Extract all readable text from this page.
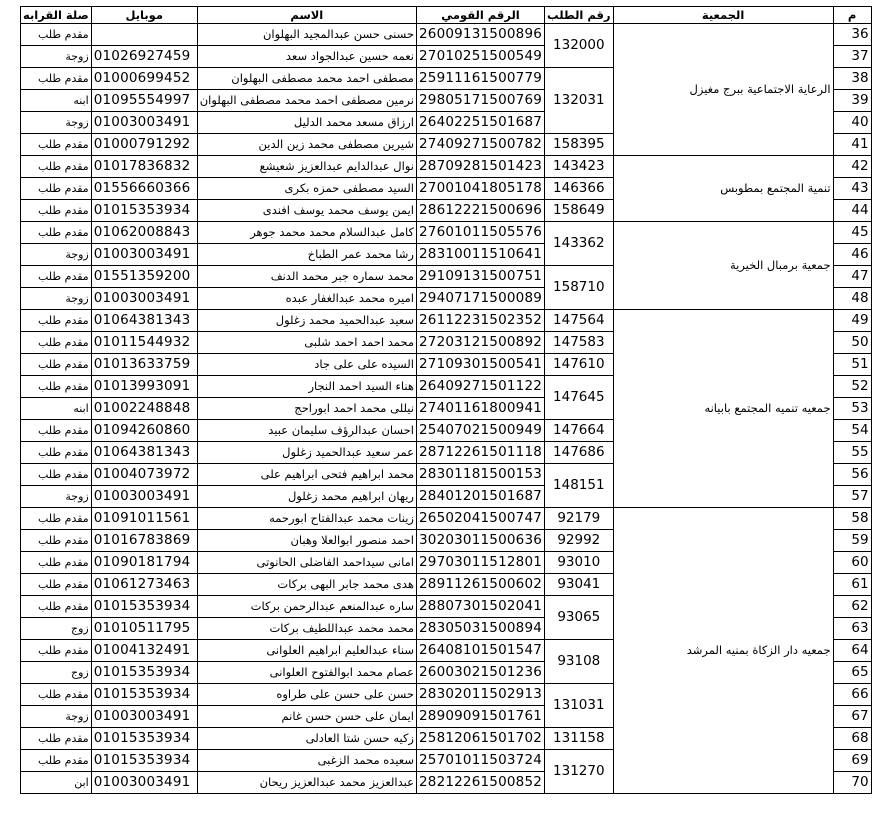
صلة القرابه	موبايل	الاسم	الرقم القومي	رقم الطلب	الجمعية	م
مقدم طلب		حسنى حسن عبدالمجيد البهلوان	26009131500896	132000	الرعاية الاجتماعية ببرج مغيزل	36
زوجة	01026927459	نعمه حسين عبدالجواد سعد	27010251500549			37
مقدم طلب	01000699452	مصطفى احمد محمد مصطفى البهلوان	25911161500779	132031		38
ابنه	01095554997	نرمين مصطفى احمد محمد مصطفى البهلوان	29805171500769			39
زوجة	01003003491	ارزاق مسعد محمد الدليل	26402251501687			40
مقدم طلب	01000791292	شيرين مصطفى محمد زين الدين	27409271500782	158395		41
مقدم طلب	01017836832	نوال عبدالدايم عبدالعزيز شعيشع	28709281501423	143423	تنمية المجتمع بمطوبس	42
مقدم طلب	01556660366	السيد مصطفى حمزه بكرى	27001041805178	146366		43
مقدم طلب	01015353934	ايمن يوسف محمد يوسف افندى	28612221500696	158649		44
مقدم طلب	01062008843	كامل عبدالسلام محمد محمد جوهر	27601011505576	143362	جمعية برمبال الخيرية	45
زوجة	01003003491	رشا محمد عمر الطباخ	28310011510641			46
مقدم طلب	01551359200	محمد سماره جبر محمد الدنف	29109131500751	158710		47
زوجة	01003003491	اميره محمد عبدالغفار عبده	29407171500089			48
مقدم طلب	01064381343	سعيد عبدالحميد محمد زغلول	26112231502352	147564	جمعيه تنميه المجتمع بابيانه	49
مقدم طلب	01011544932	محمد احمد احمد شلبى	27203121500892	147583		50
مقدم طلب	01013633759	السيده على على جاد	27109301500541	147610		51
مقدم طلب	01013993091	هناء السيد احمد النجار	26409271501122	147645		52
ابنه	01002248848	نيللى محمد احمد ابوراحج	27401161800941			53
مقدم طلب	01094260860	احسان عبدالرؤف سليمان عبيد	25407021500949	147664		54
مقدم طلب	01064381343	عمر سعيد عبدالحميد زغلول	28712261501118	147686		55
مقدم طلب	01004073972	محمد ابراهيم فتحى ابراهيم على	28301181500153	148151		56
زوجة	01003003491	ريهان ابراهيم محمد زغلول	28401201501687			57
مقدم طلب	01091011561	زينات محمد عبدالفتاح ابورحمه	26502041500747	92179	جمعيه دار الزكاة بمنيه المرشد	58
مقدم طلب	01016783869	احمد منصور ابوالعلا وهبان	30203011500636	92992		59
مقدم طلب	01090181794	امانى سيداحمد الفاضلى الحانوتى	29703011512801	93010		60
مقدم طلب	01061273463	هدى محمد جابر البهى بركات	28911261500602	93041		61
مقدم طلب	01015353934	ساره عبدالمنعم عبدالرحمن بركات	28807301502041	93065		62
زوج	01010511795	محمد محمد عبداللطيف بركات	28305031500894			63
مقدم طلب	01004132491	سناء عبدالعليم ابراهيم العلوانى	26408101501547	93108		64
زوج	01015353934	عصام محمد ابوالفتوح العلوانى	26003021501236			65
مقدم طلب	01015353934	حسن على حسن على طراوه	28302011502913	131031		66
زوجة	01003003491	ايمان على حسن حسن غانم	28909091501761			67
مقدم طلب	01015353934	زكيه حسن شتا العادلى	25812061501702	131158		68
مقدم طلب	01015353934	سعيده محمد الزغبى	25701011503724	131270		69
ابن	01003003491	عبدالعزيز محمد عبدالعزيز ريحان	28212261500852			70
